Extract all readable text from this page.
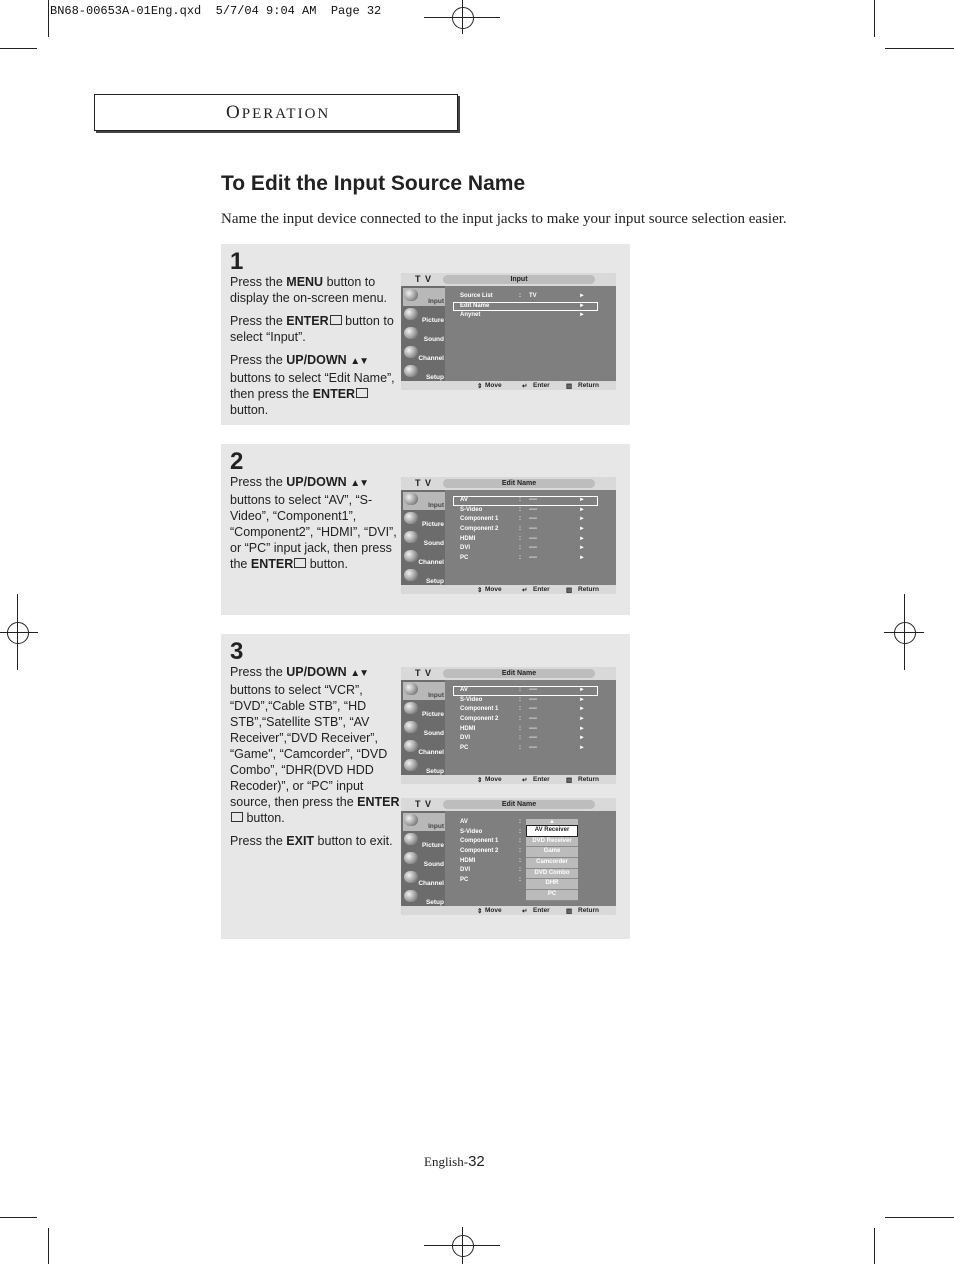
BN68-00653A-01Eng.qxd  5/7/04 9:04 AM  Page 32
OPERATION
To Edit the Input Source Name
Name the input device connected to the input jacks to make your input source selection easier.
1

Press the MENU button to display the on-screen menu.

Press the ENTER button to select “Input”.

Press the UP/DOWN ▲▼ buttons to select “Edit Name”, then press the ENTER button.

T V	Input
Input
Picture
Sound
Channel
Setup
Source List	: TV	►
Edit Name	►
Anynet	►
⇕ Move	↵ Enter	▥ Return
2

Press the UP/DOWN ▲▼ buttons to select “AV”, “S-Video”, “Component1”, “Component2”, “HDMI”, “DVI”, or “PC” input jack, then press the ENTER button.

T V	Edit Name
Input
Picture
Sound
Channel
Setup
AV	: ----	►
S-Video	: ----	►
Component 1	: ----	►
Component 2	: ----	►
HDMI	: ----	►
DVI	: ----	►
PC	: ----	►
⇕ Move	↵ Enter	▥ Return
3

Press the UP/DOWN ▲▼ buttons to select “VCR”, “DVD”,“Cable STB”, “HD STB”,“Satellite STB”, “AV Receiver”,“DVD Receiver”, “Game", “Camcorder”, “DVD Combo”, “DHR(DVD HDD Recoder)”, or “PC” input source, then press the ENTER button.

Press the EXIT button to exit.

T V	Edit Name
Input
Picture
Sound
Channel
Setup
AV	: ----	►
S-Video	: ----	►
Component 1	: ----	►
Component 2	: ----	►
HDMI	: ----	►
DVI	: ----	►
PC	: ----	►
⇕ Move	↵ Enter	▥ Return
T V	Edit Name
Input
Picture
Sound
Channel
Setup
AV	:
S-Video	:
Component 1	:
Component 2	:
HDMI	:
DVI	:
PC	:
▲
AV Receiver
DVD Receiver
Game
Camcorder
DVD Combo
DHR
PC
⇕ Move	↵ Enter	▥ Return
English-32
